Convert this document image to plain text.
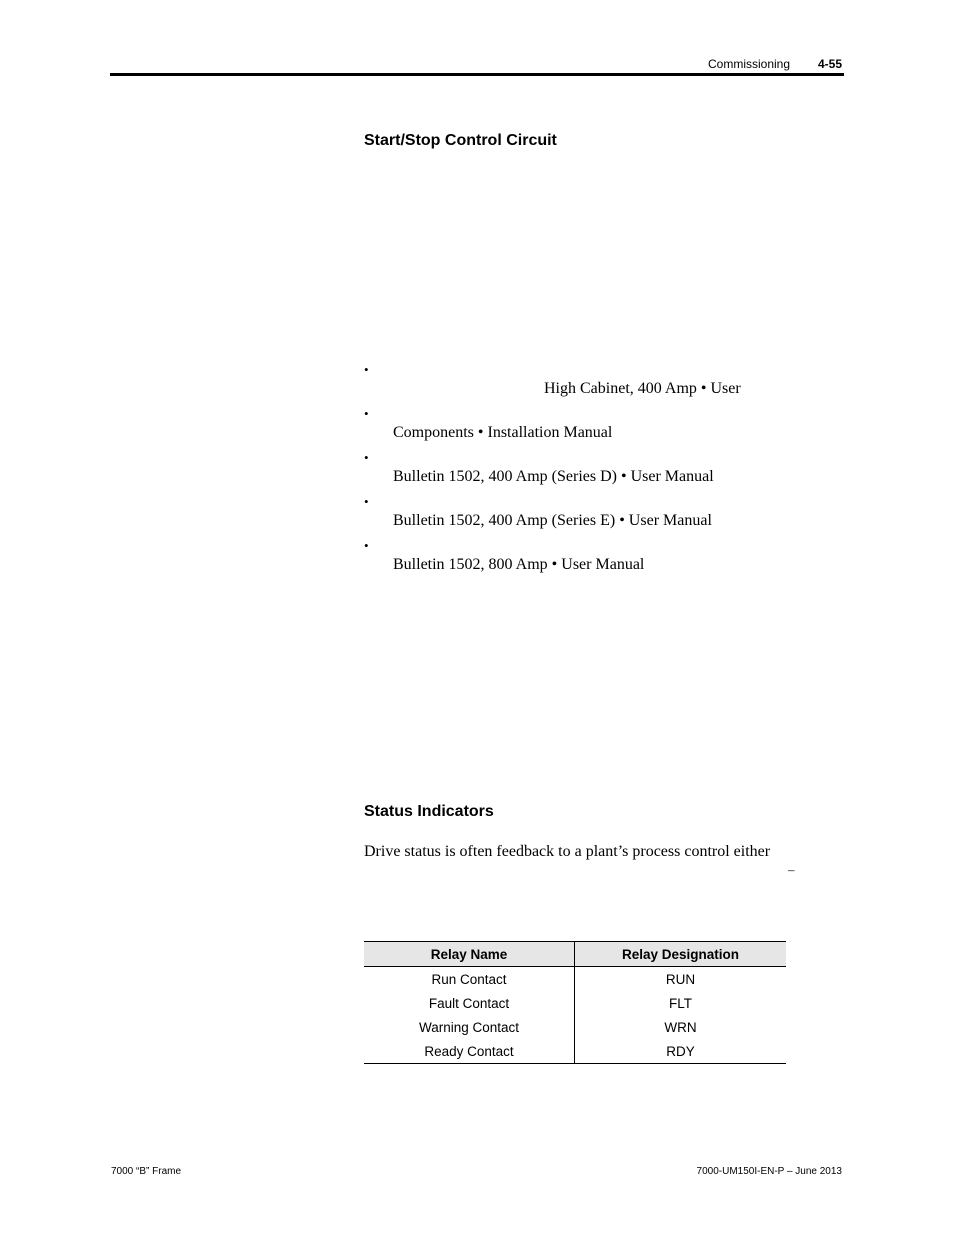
Commissioning 4-55
Start/Stop Control Circuit
•
High Cabinet, 400 Amp • User
•
Components • Installation Manual
•
Bulletin 1502, 400 Amp (Series D) • User Manual
•
Bulletin 1502, 400 Amp (Series E) • User Manual
•
Bulletin 1502, 800 Amp • User Manual
Status Indicators
Drive status is often feedback to a plant’s process control either
–
Relay Name	Relay Designation
Run Contact	RUN
Fault Contact	FLT
Warning Contact	WRN
Ready Contact	RDY
7000 “B” Frame	7000-UM150I-EN-P – June 2013
